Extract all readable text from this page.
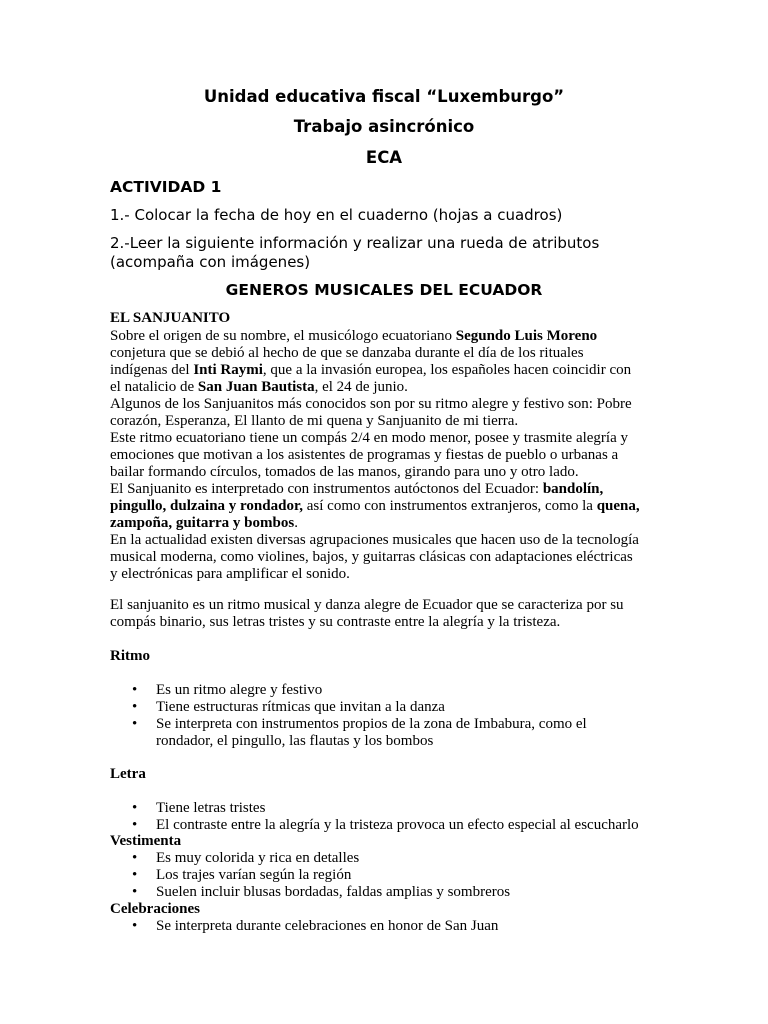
Unidad educativa fiscal “Luxemburgo”
Trabajo asincrónico
ECA
ACTIVIDAD 1
1.- Colocar la fecha de hoy en el cuaderno (hojas a cuadros)
2.-Leer la siguiente información y realizar una rueda de atributos
(acompaña con imágenes)
GENEROS MUSICALES DEL ECUADOR
EL SANJUANITO
Sobre el origen de su nombre, el musicólogo ecuatoriano Segundo Luis Moreno
conjetura que se debió al hecho de que se danzaba durante el día de los rituales
indígenas del Inti Raymi, que a la invasión europea, los españoles hacen coincidir con
el natalicio de San Juan Bautista, el 24 de junio.
Algunos de los Sanjuanitos más conocidos son por su ritmo alegre y festivo son: Pobre
corazón, Esperanza, El llanto de mi quena y Sanjuanito de mi tierra.
Este ritmo ecuatoriano tiene un compás 2/4 en modo menor, posee y trasmite alegría y
emociones que motivan a los asistentes de programas y fiestas de pueblo o urbanas a
bailar formando círculos, tomados de las manos, girando para uno y otro lado.
El Sanjuanito es interpretado con instrumentos autóctonos del Ecuador: bandolín,
pingullo, dulzaina y rondador, así como con instrumentos extranjeros, como la quena,
zampoña, guitarra y bombos.
En la actualidad existen diversas agrupaciones musicales que hacen uso de la tecnología
musical moderna, como violines, bajos, y guitarras clásicas con adaptaciones eléctricas
y electrónicas para amplificar el sonido.
El sanjuanito es un ritmo musical y danza alegre de Ecuador que se caracteriza por su
compás binario, sus letras tristes y su contraste entre la alegría y la tristeza.
Ritmo
• Es un ritmo alegre y festivo
• Tiene estructuras rítmicas que invitan a la danza
• Se interpreta con instrumentos propios de la zona de Imbabura, como el
rondador, el pingullo, las flautas y los bombos
Letra
• Tiene letras tristes
• El contraste entre la alegría y la tristeza provoca un efecto especial al escucharlo
Vestimenta
• Es muy colorida y rica en detalles
• Los trajes varían según la región
• Suelen incluir blusas bordadas, faldas amplias y sombreros
Celebraciones
• Se interpreta durante celebraciones en honor de San Juan
